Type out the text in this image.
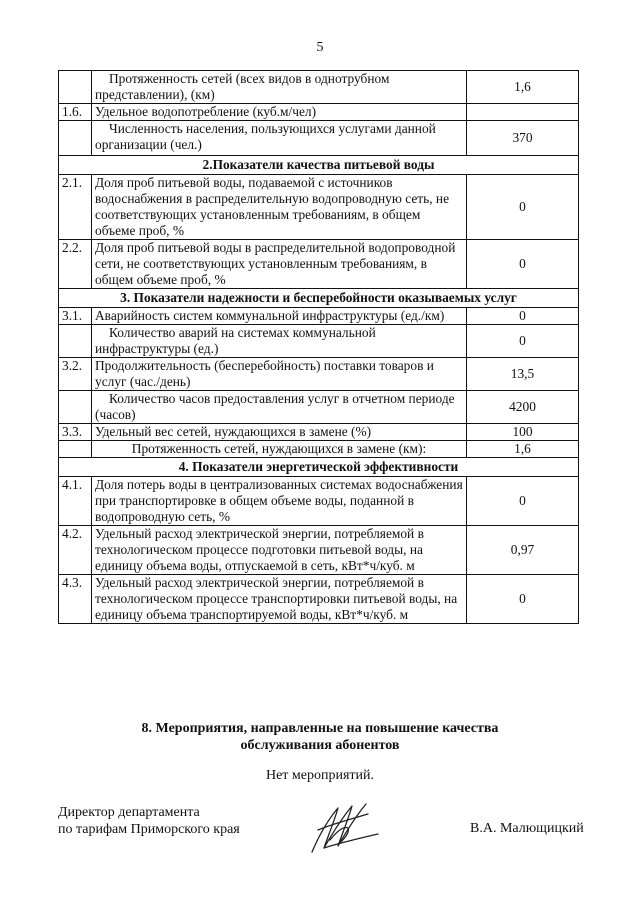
5
	Протяженность сетей (всех видов в однотрубном представлении), (км)	1,6
1.6.	Удельное водопотребление (куб.м/чел)	
	Численность населения, пользующихся услугами данной организации (чел.)	370
2.Показатели качества питьевой воды		
2.1.	Доля проб питьевой воды, подаваемой с источников водоснабжения в распределительную водопроводную сеть, не соответствующих установленным требованиям, в общем объеме проб, %	0
2.2.	Доля проб питьевой воды в распределительной водопроводной сети, не соответствующих установленным требованиям, в общем объеме проб, %	0
3. Показатели надежности и бесперебойности оказываемых услуг		
3.1.	Аварийность систем коммунальной инфраструктуры (ед./км)	0
	Количество аварий на системах коммунальной инфраструктуры (ед.)	0
3.2.	Продолжительность (бесперебойность) поставки товаров и услуг (час./день)	13,5
	Количество часов предоставления услуг в отчетном периоде (часов)	4200
3.3.	Удельный вес сетей, нуждающихся в замене (%)	100
	Протяженность сетей, нуждающихся в замене (км):	1,6
4. Показатели энергетической эффективности		
4.1.	Доля потерь воды в централизованных системах водоснабжения при транспортировке в общем объеме воды, поданной в водопроводную сеть, %	0
4.2.	Удельный расход электрической энергии, потребляемой в технологическом процессе подготовки питьевой воды, на единицу объема воды, отпускаемой в сеть, кВт*ч/куб. м	0,97
4.3.	Удельный расход электрической энергии, потребляемой в технологическом процессе транспортировки питьевой воды, на единицу объема транспортируемой воды, кВт*ч/куб. м	0
8. Мероприятия, направленные на повышение качества
обслуживания абонентов
Нет мероприятий.
Директор департамента
по тарифам Приморского края	В.А. Малющицкий
